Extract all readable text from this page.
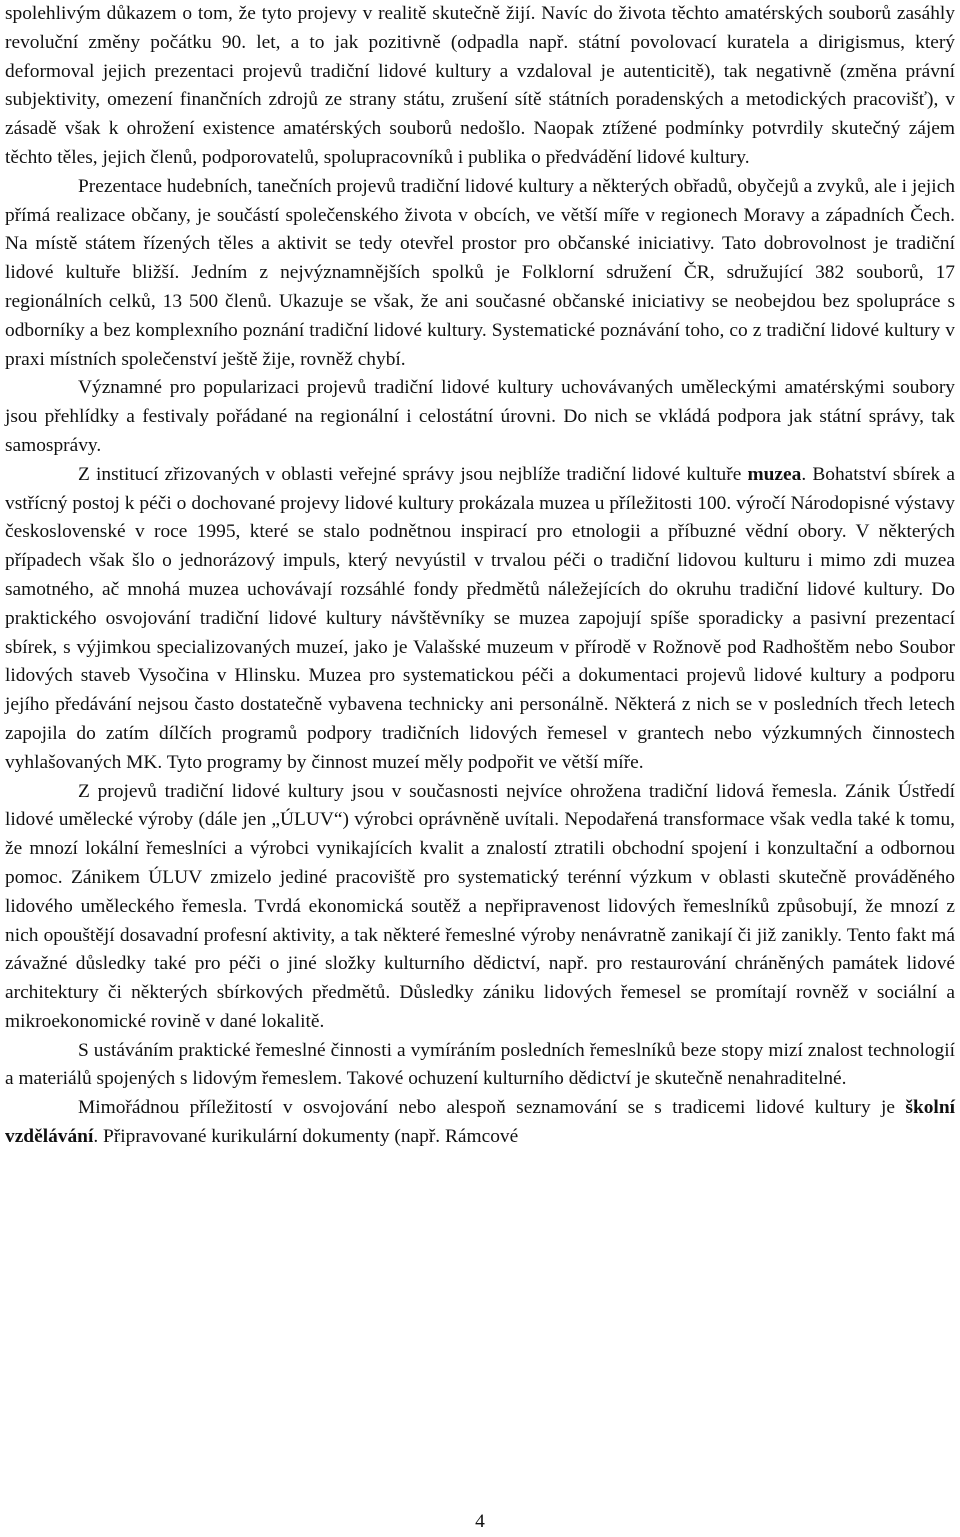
spolehlivým důkazem o tom, že tyto projevy v realitě skutečně žijí. Navíc do života těchto amatérských souborů zasáhly revoluční změny počátku 90. let, a to jak pozitivně (odpadla např. státní povolovací kuratela a dirigismus, který deformoval jejich prezentaci projevů tradiční lidové kultury a vzdaloval je autenticitě), tak negativně (změna právní subjektivity, omezení finančních zdrojů ze strany státu, zrušení sítě státních poradenských a metodických pracovišť), v zásadě však k ohrožení existence amatérských souborů nedošlo. Naopak ztížené podmínky potvrdily skutečný zájem těchto těles, jejich členů, podporovatelů, spolupracovníků i publika o předvádění lidové kultury.

Prezentace hudebních, tanečních projevů tradiční lidové kultury a některých obřadů, obyčejů a zvyků, ale i jejich přímá realizace občany, je součástí společenského života v obcích, ve větší míře v regionech Moravy a západních Čech. Na místě státem řízených těles a aktivit se tedy otevřel prostor pro občanské iniciativy. Tato dobrovolnost je tradiční lidové kultuře bližší. Jedním z nejvýznamnějších spolků je Folklorní sdružení ČR, sdružující 382 souborů, 17 regionálních celků, 13 500 členů. Ukazuje se však, že ani současné občanské iniciativy se neobejdou bez spolupráce s odborníky a bez komplexního poznání tradiční lidové kultury. Systematické poznávání toho, co z tradiční lidové kultury v praxi místních společenství ještě žije, rovněž chybí.

Významné pro popularizaci projevů tradiční lidové kultury uchovávaných uměleckými amatérskými soubory jsou přehlídky a festivaly pořádané na regionální i celostátní úrovni. Do nich se vkládá podpora jak státní správy, tak samosprávy.

Z institucí zřizovaných v oblasti veřejné správy jsou nejblíže tradiční lidové kultuře muzea. Bohatství sbírek a vstřícný postoj k péči o dochované projevy lidové kultury prokázala muzea u příležitosti 100. výročí Národopisné výstavy československé v roce 1995, které se stalo podnětnou inspirací pro etnologii a příbuzné vědní obory. V některých případech však šlo o jednorázový impuls, který nevyústil v trvalou péči o tradiční lidovou kulturu i mimo zdi muzea samotného, ač mnohá muzea uchovávají rozsáhlé fondy předmětů náležejících do okruhu tradiční lidové kultury. Do praktického osvojování tradiční lidové kultury návštěvníky se muzea zapojují spíše sporadicky a pasivní prezentací sbírek, s výjimkou specializovaných muzeí, jako je Valašské muzeum v přírodě v Rožnově pod Radhoštěm nebo Soubor lidových staveb Vysočina v Hlinsku. Muzea pro systematickou péči a dokumentaci projevů lidové kultury a podporu jejího předávání nejsou často dostatečně vybavena technicky ani personálně. Některá z nich se v posledních třech letech zapojila do zatím dílčích programů podpory tradičních lidových řemesel v grantech nebo výzkumných činnostech vyhlašovaných MK. Tyto programy by činnost muzeí měly podpořit ve větší míře.

Z projevů tradiční lidové kultury jsou v současnosti nejvíce ohrožena tradiční lidová řemesla. Zánik Ústředí lidové umělecké výroby (dále jen „ÚLUV“) výrobci oprávněně uvítali. Nepodařená transformace však vedla také k tomu, že mnozí lokální řemeslníci a výrobci vynikajících kvalit a znalostí ztratili obchodní spojení i konzultační a odbornou pomoc. Zánikem ÚLUV zmizelo jediné pracoviště pro systematický terénní výzkum v oblasti skutečně prováděného lidového uměleckého řemesla. Tvrdá ekonomická soutěž a nepřipravenost lidových řemeslníků způsobují, že mnozí z nich opouštějí dosavadní profesní aktivity, a tak některé řemeslné výroby nenávratně zanikají či již zanikly. Tento fakt má závažné důsledky také pro péči o jiné složky kulturního dědictví, např. pro restaurování chráněných památek lidové architektury či některých sbírkových předmětů. Důsledky zániku lidových řemesel se promítají rovněž v sociální a mikroekonomické rovině v dané lokalitě.

S ustáváním praktické řemeslné činnosti a vymíráním posledních řemeslníků beze stopy mizí znalost technologií a materiálů spojených s lidovým řemeslem. Takové ochuzení kulturního dědictví je skutečně nenahraditelné.

Mimořádnou příležitostí v osvojování nebo alespoň seznamování se s tradicemi lidové kultury je školní vzdělávání. Připravované kurikulární dokumenty (např. Rámcové

4
